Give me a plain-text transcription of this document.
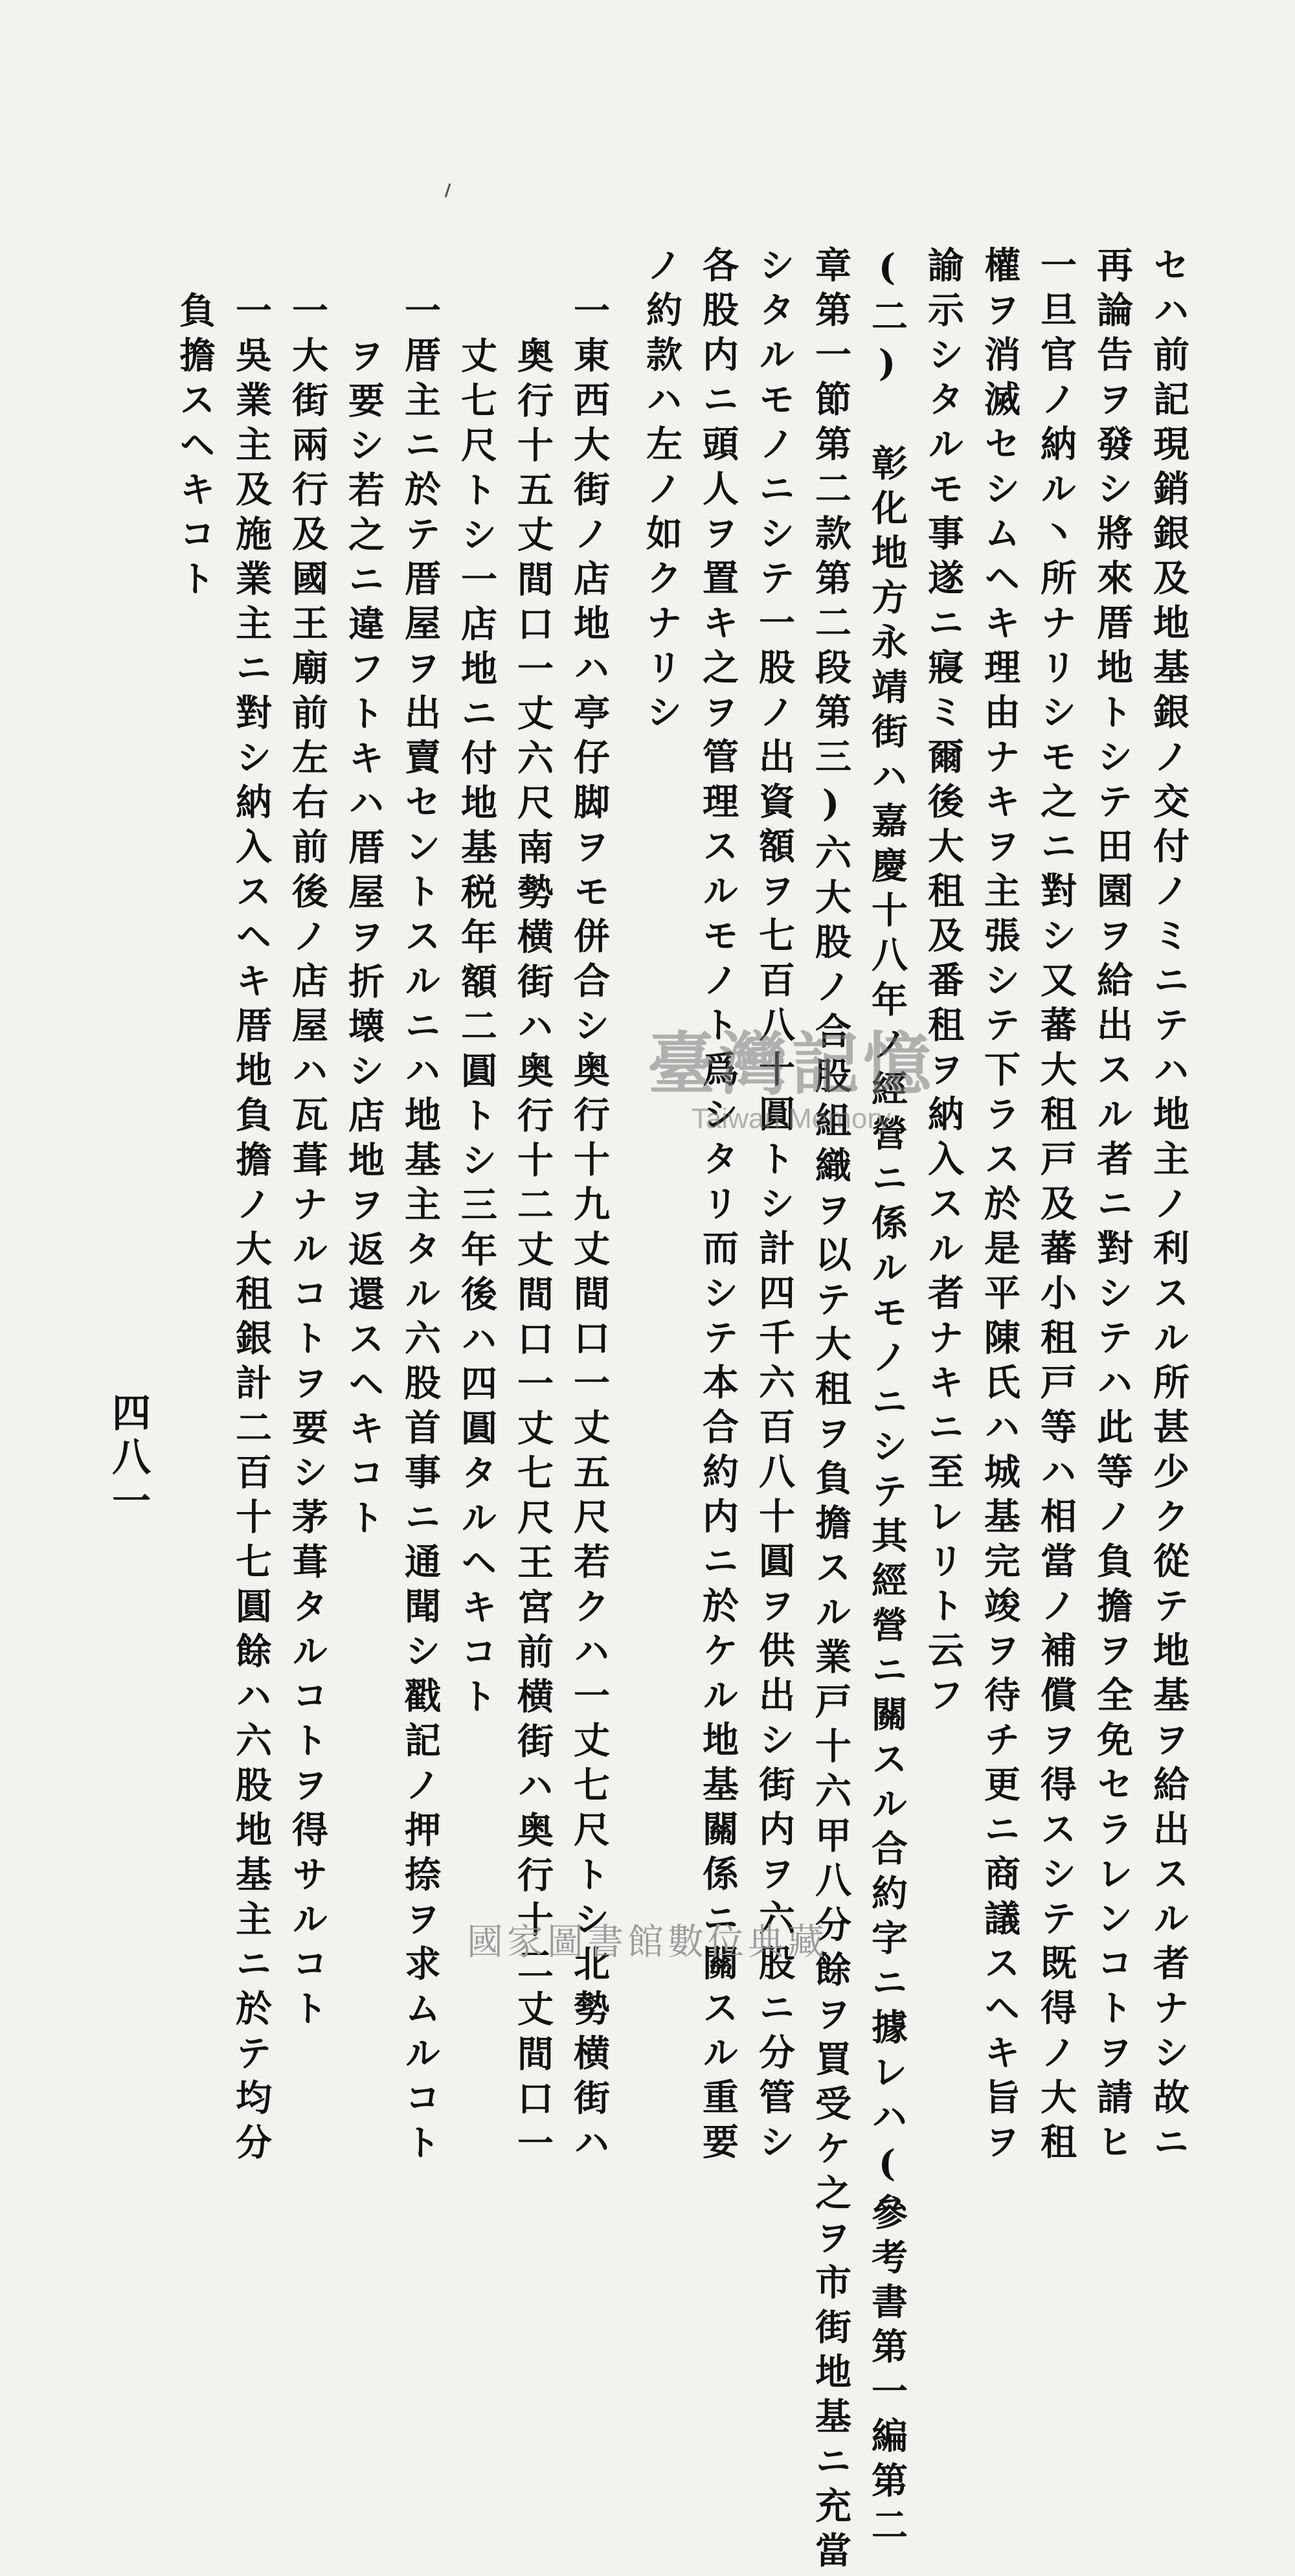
セハ前記現銷銀及地基銀ノ交付ノミニテハ地主ノ利スル所甚少ク從テ地基ヲ給出スル者ナシ故ニ
再論告ヲ發シ將來厝地トシテ田園ヲ給出スル者ニ對シテハ此等ノ負擔ヲ全免セラレンコトヲ請ヒ
一旦官ノ納ル丶所ナリシモ之ニ對シ又蕃大租戸及蕃小租戸等ハ相當ノ補償ヲ得スシテ既得ノ大租
權ヲ消滅セシムヘキ理由ナキヲ主張シテ下ラス於是平陳氏ハ城基完竣ヲ待チ更ニ商議スヘキ旨ヲ
諭示シタルモ事遂ニ寢ミ爾後大租及番租ヲ納入スル者ナキニ至レリト云フ
(二) 彰化地方永靖街ハ嘉慶十八年ノ經營ニ係ルモノニシテ其經營ニ關スル合約字ニ據レハ(參考書第一編第二
章第一節第二款第二段第三)六大股ノ合股組織ヲ以テ大租ヲ負擔スル業戸十六甲八分餘ヲ買受ケ之ヲ市街地基ニ充當
シタルモノニシテ一股ノ出資額ヲ七百八十圓トシ計四千六百八十圓ヲ供出シ街内ヲ六股ニ分管シ
各股内ニ頭人ヲ置キ之ヲ管理スルモノト爲シタリ而シテ本合約内ニ於ケル地基關係ニ關スル重要
ノ約款ハ左ノ如クナリシ
一東西大街ノ店地ハ亭仔脚ヲモ併合シ奥行十九丈間口一丈五尺若クハ一丈七尺トシ北勢横街ハ
奥行十五丈間口一丈六尺南勢横街ハ奥行十二丈間口一丈七尺王宮前横街ハ奥行十二丈間口一
丈七尺トシ一店地ニ付地基税年額二圓トシ三年後ハ四圓タルヘキコト
一厝主ニ於テ厝屋ヲ出賣セントスルニハ地基主タル六股首事ニ通聞シ戳記ノ押捺ヲ求ムルコト
ヲ要シ若之ニ違フトキハ厝屋ヲ折壊シ店地ヲ返還スヘキコト
一大街兩行及國王廟前左右前後ノ店屋ハ瓦葺ナルコトヲ要シ茅葺タルコトヲ得サルコト
一吳業主及施業主ニ對シ納入スヘキ厝地負擔ノ大租銀計二百十七圓餘ハ六股地基主ニ於テ均分
負擔スヘキコト
四八一
臺灣記憶
Taiwan Memory
國家圖書館數位典藏
